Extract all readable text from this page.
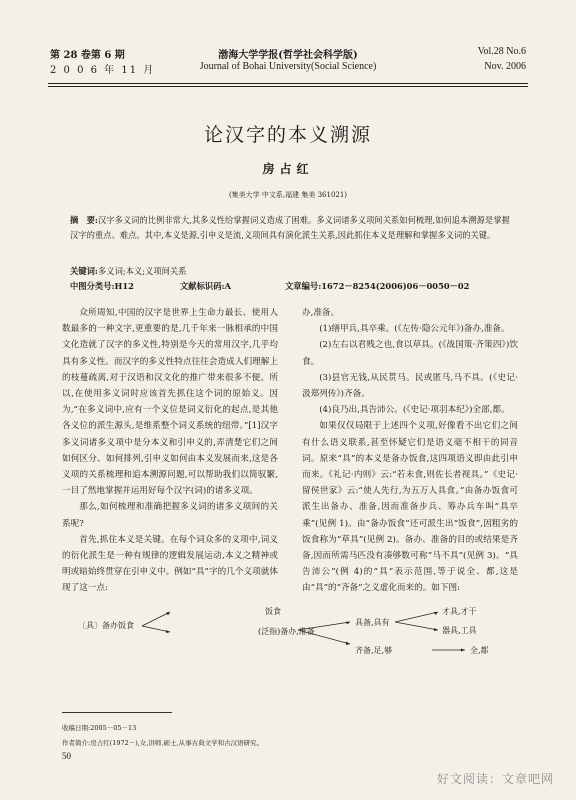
第 28 卷第 6 期
2 0 0 6 年 11 月
渤海大学学报(哲学社会科学版)
Journal of Bohai University(Social Science)
Vol.28 No.6
Nov. 2006
论汉字的本义溯源
房占红
(集美大学 中文系,福建 集美 361021)
摘　要:汉字多义词的比例非常大,其多义性给掌握词义造成了困难。多义词诸多义项间关系如何梳理,如何追本溯源是掌握汉字的重点、难点。其中,本义是源,引申义是流,义项间具有演化派生关系,因此抓住本义是理解和掌握多义词的关键。
关键词:多义词;本义;义项间关系
中图分类号:H12	文献标识码:A	文章编号:1672－8254(2006)06－0050－02

众所周知,中国的汉字是世界上生命力最长、使用人数最多的一种文字,更重要的是,几千年来一脉相承的中国文化造就了汉字的多义性,特别是今天的常用汉字,几乎均具有多义性。而汉字的多义性特点往往会造成人们理解上的枝蔓疏离,对于汉语和汉文化的推广带来很多不便。所以,在使用多义词时应该首先抓住这个词的原始义。因为,“在多义词中,应有一个义位是词义衍化的起点,是其他各义位的派生源头,是维系整个词义系统的纽带。”[1]汉字多义词诸多义项中是分本义和引申义的,弄清楚它们之间如何区分、如何排列,引申义如何由本义发展而来,这是各义项的关系梳理和追本溯源问题,可以帮助我们以简驭繁,一目了然地掌握并运用好每个汉字(词)的诸多义项。

那么,如何梳理和准确把握多义词的诸多义项间的关系呢?

首先,抓住本义是关键。在每个词众多的义项中,词义的衍化派生是一种有规律的逻辑发展运动,本义之精神或明或暗始终贯穿在引申义中。例如“具”字的几个义项就体现了这一点:

办,准备。

(1)缮甲兵,具卒乘。(《左传·隐公元年》)备办,准备。

(2)左右以君贱之也,食以草具。(《战国策·齐策四》)饮食。

(3)县官无钱,从民贳马。民或匿马,马不具。(《史记·汲郑列传》)齐备。

(4)良乃出,具告沛公。(《史记·项羽本纪》)全部,都。

如果仅仅局限于上述四个义项,好像看不出它们之间有什么语义联系,甚至怀疑它们是语义毫不相干的同音词。原来“具”的本义是备办饭食,这四项语义即由此引申而来。《礼记·内则》云:“若未食,则佐长者视具。”《史记·留侯世家》云:“使人先行,为五万人具食。”由备办饭食可派生出备办、准备,因而准备步兵、筹办兵车叫“具卒乘”(见例 1)。由“备办饭食”还可派生出“饭食”,因粗劣的饭食称为“草具”(见例 2)。备办、准备的目的或结果是齐备,因而所需马匹没有凑够数可称“马不具”(见例 3)。“具告沛公”(例 4)的“具”表示范围,等于说全、都,这是由“具”的“齐备”之义虚化而来的。如下图:

〔具〕备办饭食
饭食
(泛指)备办,准备
具备,具有
才具,才干
器具,工具
齐备,足,够	全,都
收稿日期:2005－05－13
作者简介:房占红(1972－),女,讲师,硕士,从事古典文学和古汉语研究。
50
好文阅读：文章吧网
